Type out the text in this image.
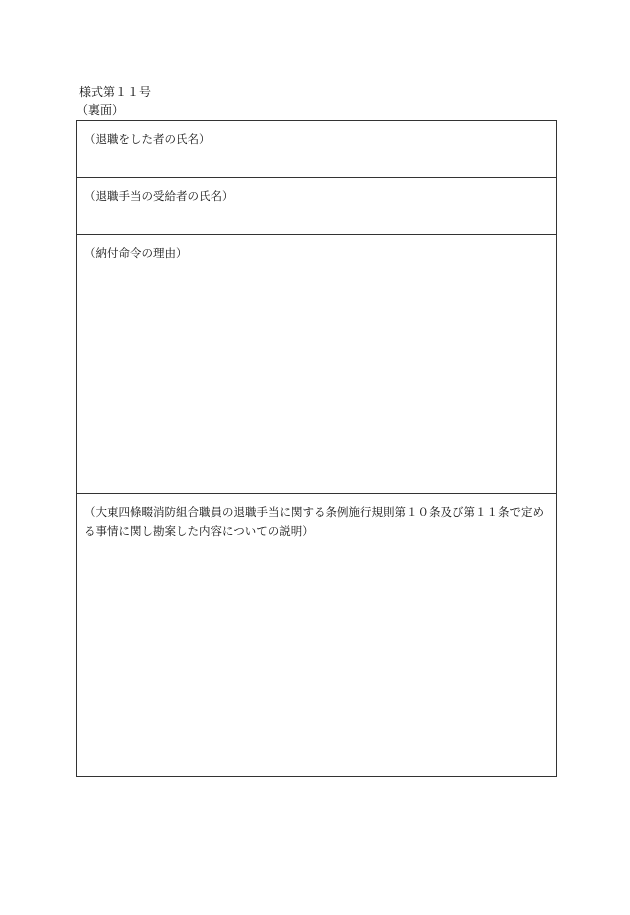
様式第１１号
（裏面）
（退職をした者の氏名）
（退職手当の受給者の氏名）
（納付命令の理由）
（大東四條畷消防組合職員の退職手当に関する条例施行規則第１０条及び第１１条で定める事情に関し勘案した内容についての説明）
